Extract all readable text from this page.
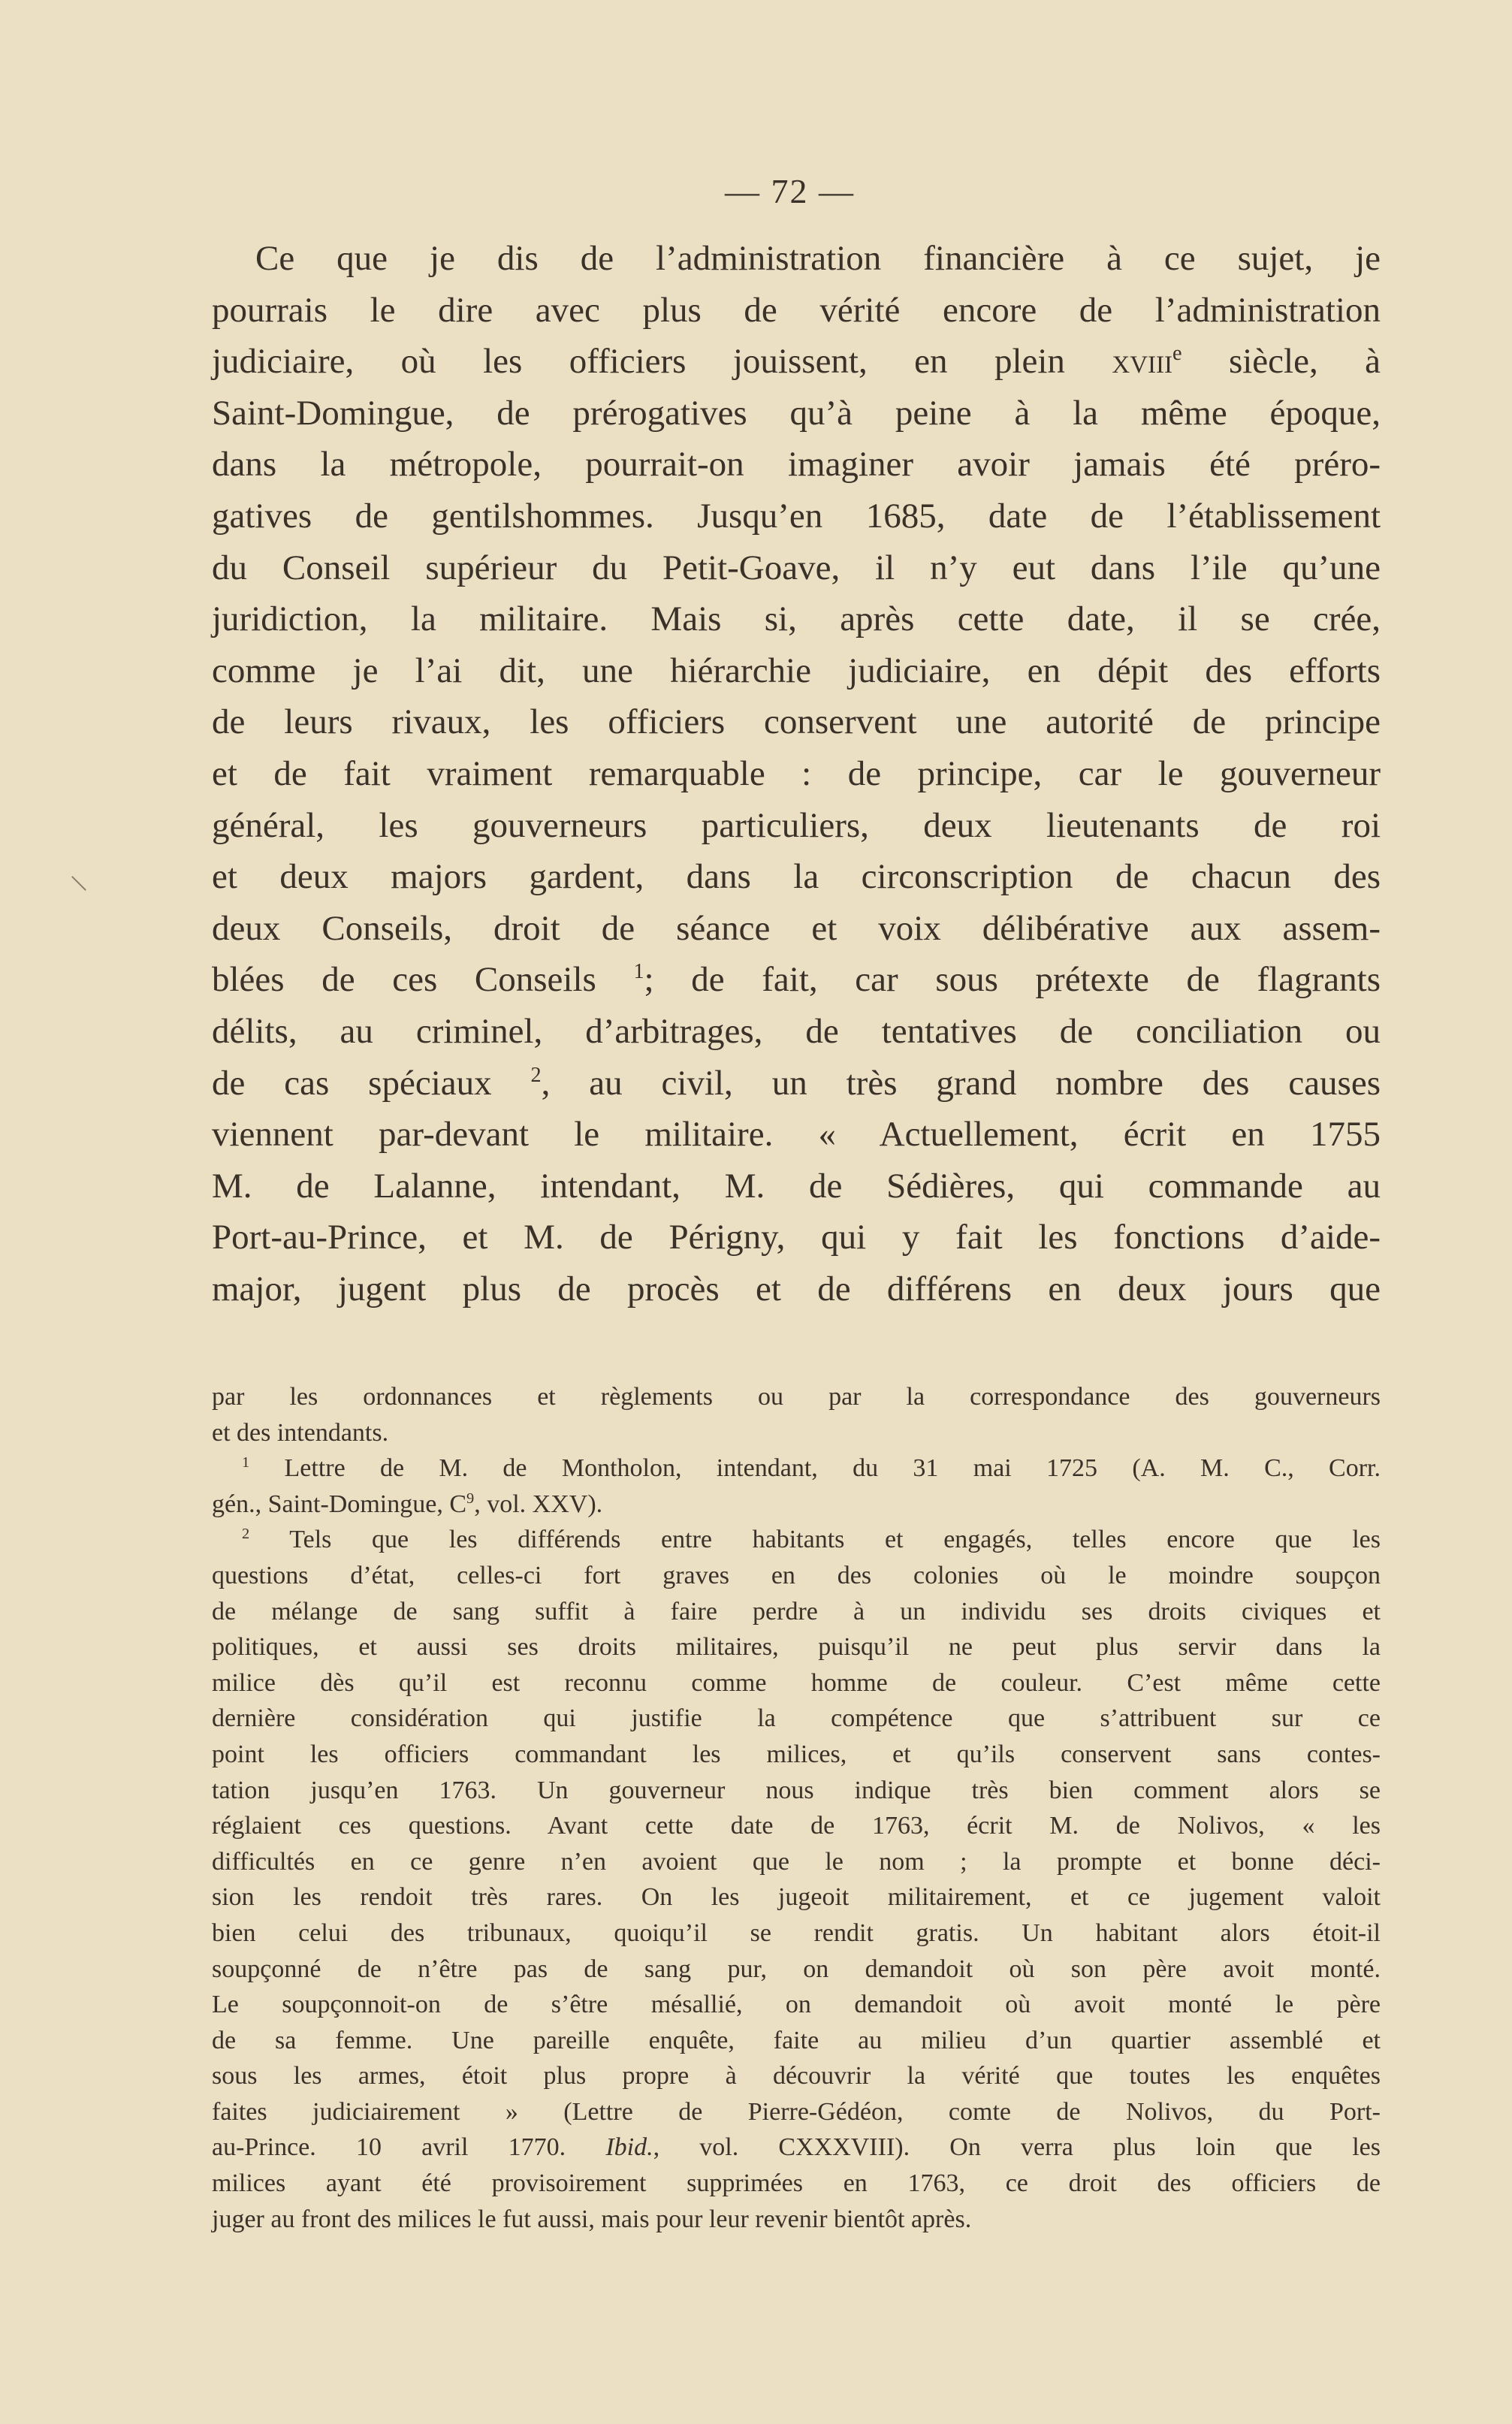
— 72 —
Ce que je dis de l’administration financière à ce sujet, je
pourrais le dire avec plus de vérité encore de l’administration
judiciaire, où les officiers jouissent, en plein xviii$^e$ siècle, à
Saint-Domingue, de prérogatives qu’à peine à la même époque,
dans la métropole, pourrait-on imaginer avoir jamais été préro-
gatives de gentilshommes. Jusqu’en 1685, date de l’établissement
du Conseil supérieur du Petit-Goave, il n’y eut dans l’ile qu’une
juridiction, la militaire. Mais si, après cette date, il se crée,
comme je l’ai dit, une hiérarchie judiciaire, en dépit des efforts
de leurs rivaux, les officiers conservent une autorité de principe
et de fait vraiment remarquable : de principe, car le gouverneur
général, les gouverneurs particuliers, deux lieutenants de roi
et deux majors gardent, dans la circonscription de chacun des
deux Conseils, droit de séance et voix délibérative aux assem-
blées de ces Conseils $^1$; de fait, car sous prétexte de flagrants
délits, au criminel, d’arbitrages, de tentatives de conciliation ou
de cas spéciaux $^2$, au civil, un très grand nombre des causes
viennent par-devant le militaire. « Actuellement, écrit en 1755
M. de Lalanne, intendant, M. de Sédières, qui commande au
Port-au-Prince, et M. de Périgny, qui y fait les fonctions d’aide-
major, jugent plus de procès et de différens en deux jours que
par les ordonnances et règlements ou par la correspondance des gouverneurs
et des intendants.
$^1$ Lettre de M. de Montholon, intendant, du 31 mai 1725 (A. M. C., Corr.
gén., Saint-Domingue, $C^9$, vol. XXV).
$^2$ Tels que les différends entre habitants et engagés, telles encore que les
questions d’état, celles-ci fort graves en des colonies où le moindre soupçon
de mélange de sang suffit à faire perdre à un individu ses droits civiques et
politiques, et aussi ses droits militaires, puisqu’il ne peut plus servir dans la
milice dès qu’il est reconnu comme homme de couleur. C’est même cette
dernière considération qui justifie la compétence que s’attribuent sur ce
point les officiers commandant les milices, et qu’ils conservent sans contes-
tation jusqu’en 1763. Un gouverneur nous indique très bien comment alors se
réglaient ces questions. Avant cette date de 1763, écrit M. de Nolivos, « les
difficultés en ce genre n’en avoient que le nom ; la prompte et bonne déci-
sion les rendoit très rares. On les jugeoit militairement, et ce jugement valoit
bien celui des tribunaux, quoiqu’il se rendit gratis. Un habitant alors étoit-il
soupçonné de n’être pas de sang pur, on demandoit où son père avoit monté.
Le soupçonnoit-on de s’être mésallié, on demandoit où avoit monté le père
de sa femme. Une pareille enquête, faite au milieu d’un quartier assemblé et
sous les armes, étoit plus propre à découvrir la vérité que toutes les enquêtes
faites judiciairement » (Lettre de Pierre-Gédéon, comte de Nolivos, du Port-
au-Prince. 10 avril 1770. Ibid., vol. CXXXVIII). On verra plus loin que les
milices ayant été provisoirement supprimées en 1763, ce droit des officiers de
juger au front des milices le fut aussi, mais pour leur revenir bientôt après.
